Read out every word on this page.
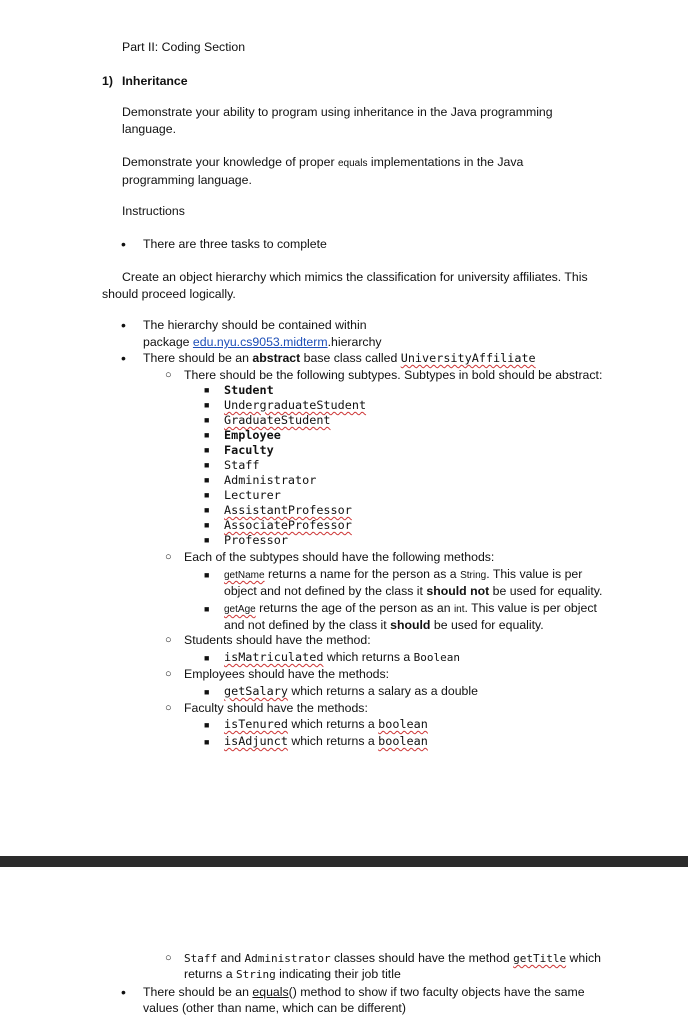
Part II: Coding Section
1) Inheritance
Demonstrate your ability to program using inheritance in the Java programming language.
Demonstrate your knowledge of proper equals implementations in the Java programming language.
Instructions
• There are three tasks to complete
Create an object hierarchy which mimics the classification for university affiliates. This should proceed logically.
• The hierarchy should be contained within
package edu.nyu.cs9053.midterm.hierarchy
• There should be an abstract base class called UniversityAffiliate
○ There should be the following subtypes. Subtypes in bold should be abstract:
■ Student
■ UndergraduateStudent
■ GraduateStudent
■ Employee
■ Faculty
■ Staff
■ Administrator
■ Lecturer
■ AssistantProfessor
■ AssociateProfessor
■ Professor
○ Each of the subtypes should have the following methods:
■ getName returns a name for the person as a String. This value is per
object and not defined by the class it should not be used for equality.
■ getAge returns the age of the person as an int. This value is per object
and not defined by the class it should be used for equality.
○ Students should have the method:
■ isMatriculated which returns a Boolean
○ Employees should have the methods:
■ getSalary which returns a salary as a double
○ Faculty should have the methods:
■ isTenured which returns a boolean
■ isAdjunct which returns a boolean
○ Staff and Administrator classes should have the method getTitle which
returns a String indicating their job title
• There should be an equals() method to show if two faculty objects have the same
values (other than name, which can be different)
